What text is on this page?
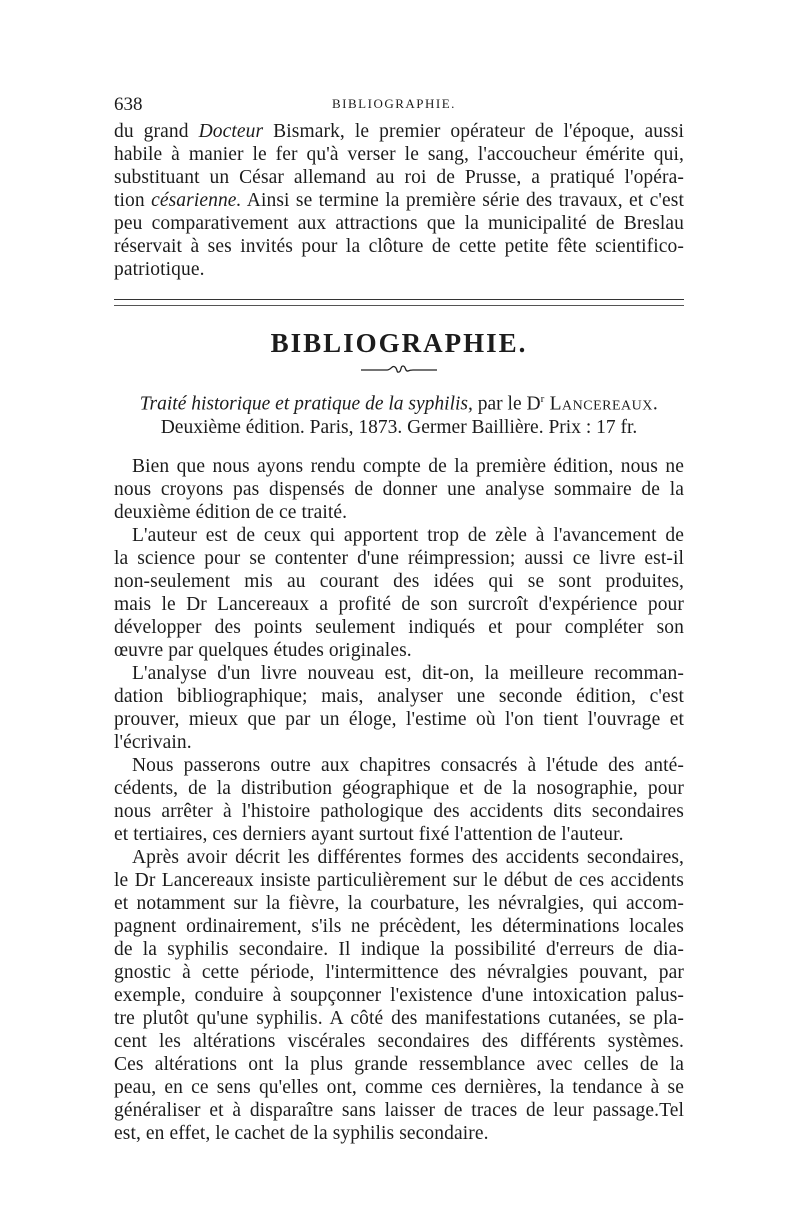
638	BIBLIOGRAPHIE.
du grand Docteur Bismark, le premier opérateur de l'époque, aussi
habile à manier le fer qu'à verser le sang, l'accoucheur émérite qui,
substituant un César allemand au roi de Prusse, a pratiqué l'opéra-
tion césarienne. Ainsi se termine la première série des travaux, et c'est
peu comparativement aux attractions que la municipalité de Breslau
réservait à ses invités pour la clôture de cette petite fête scientifico-
patriotique.
BIBLIOGRAPHIE.
Traité historique et pratique de la syphilis, par le $D^r$ Lancereaux.
Deuxième édition. Paris, 1873. Germer Baillière. Prix : 17 fr.
Bien que nous ayons rendu compte de la première édition, nous ne
nous croyons pas dispensés de donner une analyse sommaire de la
deuxième édition de ce traité.
L'auteur est de ceux qui apportent trop de zèle à l'avancement de
la science pour se contenter d'une réimpression; aussi ce livre est-il
non-seulement mis au courant des idées qui se sont produites,
mais le Dr Lancereaux a profité de son surcroît d'expérience pour
développer des points seulement indiqués et pour compléter son
œuvre par quelques études originales.
L'analyse d'un livre nouveau est, dit-on, la meilleure recomman-
dation bibliographique; mais, analyser une seconde édition, c'est
prouver, mieux que par un éloge, l'estime où l'on tient l'ouvrage et
l'écrivain.
Nous passerons outre aux chapitres consacrés à l'étude des anté-
cédents, de la distribution géographique et de la nosographie, pour
nous arrêter à l'histoire pathologique des accidents dits secondaires
et tertiaires, ces derniers ayant surtout fixé l'attention de l'auteur.
Après avoir décrit les différentes formes des accidents secondaires,
le Dr Lancereaux insiste particulièrement sur le début de ces accidents
et notamment sur la fièvre, la courbature, les névralgies, qui accom-
pagnent ordinairement, s'ils ne précèdent, les déterminations locales
de la syphilis secondaire. Il indique la possibilité d'erreurs de dia-
gnostic à cette période, l'intermittence des névralgies pouvant, par
exemple, conduire à soupçonner l'existence d'une intoxication palus-
tre plutôt qu'une syphilis. A côté des manifestations cutanées, se pla-
cent les altérations viscérales secondaires des différents systèmes.
Ces altérations ont la plus grande ressemblance avec celles de la
peau, en ce sens qu'elles ont, comme ces dernières, la tendance à se
généraliser et à disparaître sans laisser de traces de leur passage.Tel
est, en effet, le cachet de la syphilis secondaire.
